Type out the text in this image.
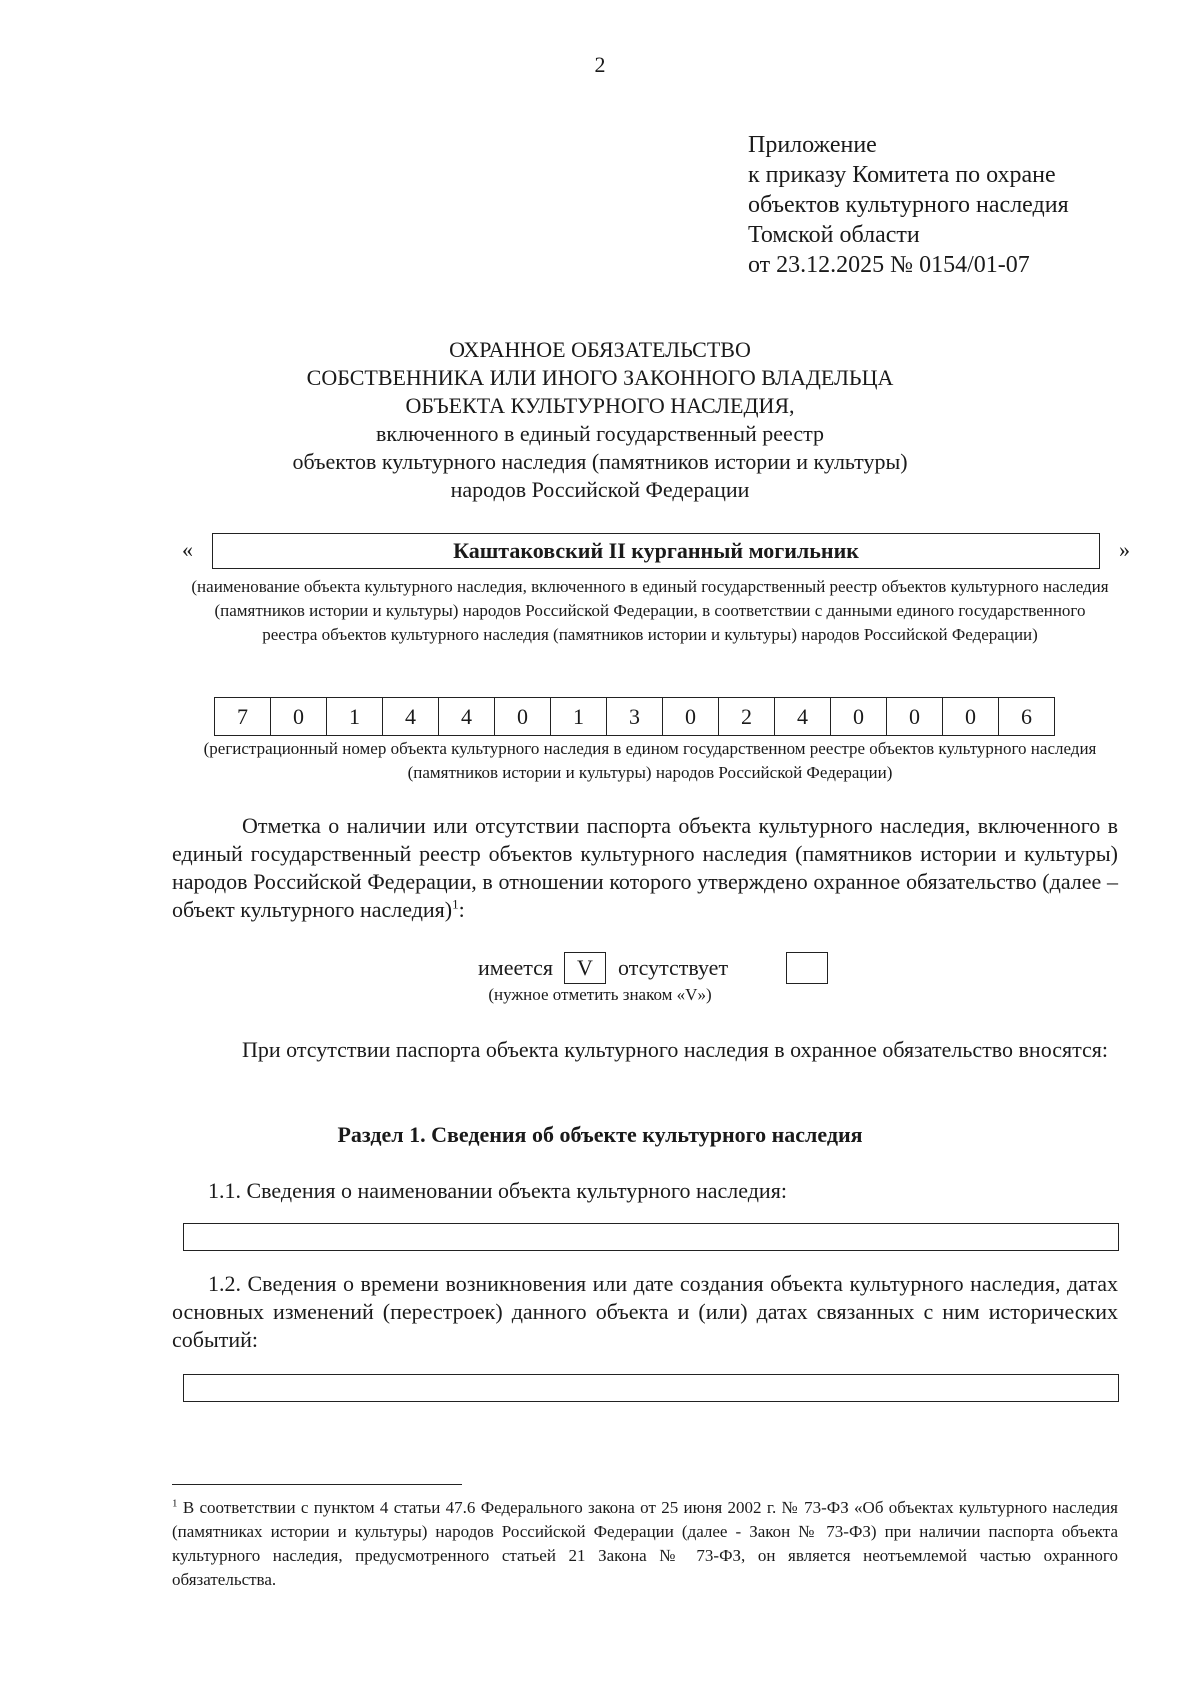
2
Приложение
к приказу Комитета по охране
объектов культурного наследия
Томской области
от 23.12.2025 № 0154/01-07
ОХРАННОЕ ОБЯЗАТЕЛЬСТВО
СОБСТВЕННИКА ИЛИ ИНОГО ЗАКОННОГО ВЛАДЕЛЬЦА
ОБЪЕКТА КУЛЬТУРНОГО НАСЛЕДИЯ,
включенного в единый государственный реестр
объектов культурного наследия (памятников истории и культуры)
народов Российской Федерации
«	Каштаковский II курганный могильник	»
(наименование объекта культурного наследия, включенного в единый государственный реестр объектов культурного наследия (памятников истории и культуры) народов Российской Федерации, в соответствии с данными единого государственного реестра объектов культурного наследия (памятников истории и культуры) народов Российской Федерации)
7	0	1	4	4	0	1	3	0	2	4	0	0	0	6
(регистрационный номер объекта культурного наследия в едином государственном реестре объектов культурного наследия (памятников истории и культуры) народов Российской Федерации)
Отметка о наличии или отсутствии паспорта объекта культурного наследия, включенного в единый государственный реестр объектов культурного наследия (памятников истории и культуры) народов Российской Федерации, в отношении которого утверждено охранное обязательство (далее – объект культурного наследия)$^1$:
имеется	V	отсутствует
(нужное отметить знаком «V»)
При отсутствии паспорта объекта культурного наследия в охранное обязательство вносятся:
Раздел 1. Сведения об объекте культурного наследия
1.1. Сведения о наименовании объекта культурного наследия:
1.2. Сведения о времени возникновения или дате создания объекта культурного наследия, датах основных изменений (перестроек) данного объекта и (или) датах связанных с ним исторических событий:
$^1$ В соответствии с пунктом 4 статьи 47.6 Федерального закона от 25 июня 2002 г. № 73-ФЗ «Об объектах культурного наследия (памятниках истории и культуры) народов Российской Федерации (далее - Закон № 73-ФЗ) при наличии паспорта объекта культурного наследия, предусмотренного статьей 21 Закона № 73-ФЗ, он является неотъемлемой частью охранного обязательства.
